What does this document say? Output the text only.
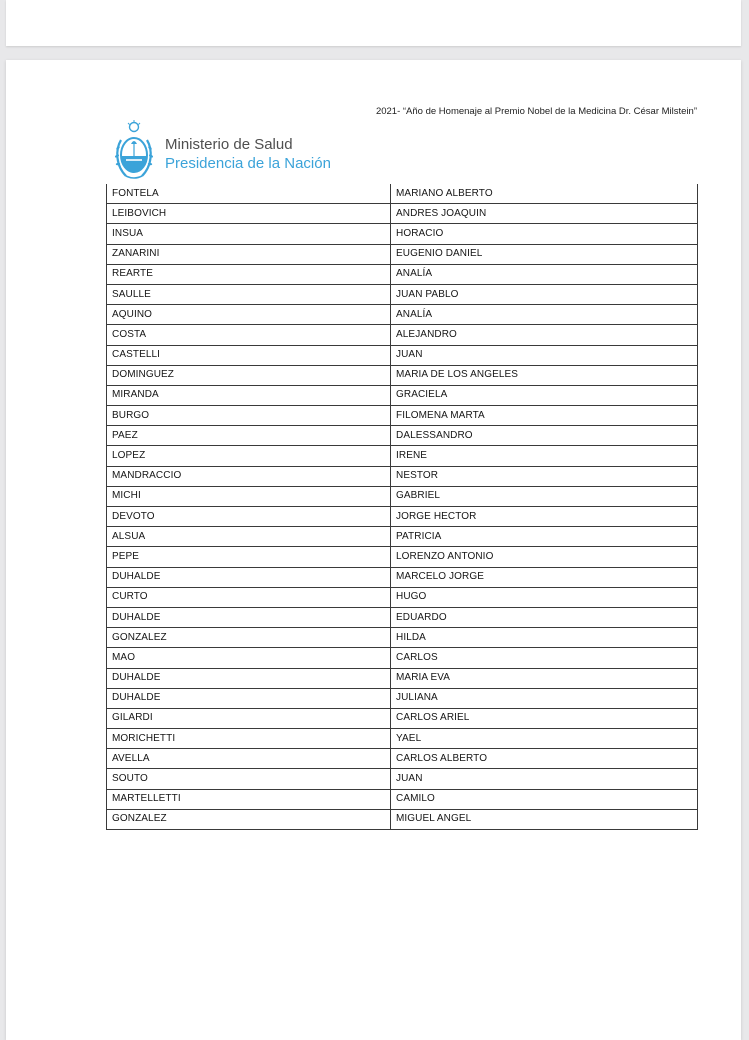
2021- “Año de Homenaje al Premio Nobel de la Medicina Dr. César Milstein”
Ministerio de Salud
Presidencia de la Nación
FONTELA	MARIANO ALBERTO
LEIBOVICH	ANDRES JOAQUIN
INSUA	HORACIO
ZANARINI	EUGENIO DANIEL
REARTE	ANALÍA
SAULLE	JUAN PABLO
AQUINO	ANALÍA
COSTA	ALEJANDRO
CASTELLI	JUAN
DOMINGUEZ	MARIA DE LOS ANGELES
MIRANDA	GRACIELA
BURGO	FILOMENA MARTA
PAEZ	DALESSANDRO
LOPEZ	IRENE
MANDRACCIO	NESTOR
MICHI	GABRIEL
DEVOTO	JORGE HECTOR
ALSUA	PATRICIA
PEPE	LORENZO ANTONIO
DUHALDE	MARCELO JORGE
CURTO	HUGO
DUHALDE	EDUARDO
GONZALEZ	HILDA
MAO	CARLOS
DUHALDE	MARIA EVA
DUHALDE	JULIANA
GILARDI	CARLOS ARIEL
MORICHETTI	YAEL
AVELLA	CARLOS ALBERTO
SOUTO	JUAN
MARTELLETTI	CAMILO
GONZALEZ	MIGUEL ANGEL
